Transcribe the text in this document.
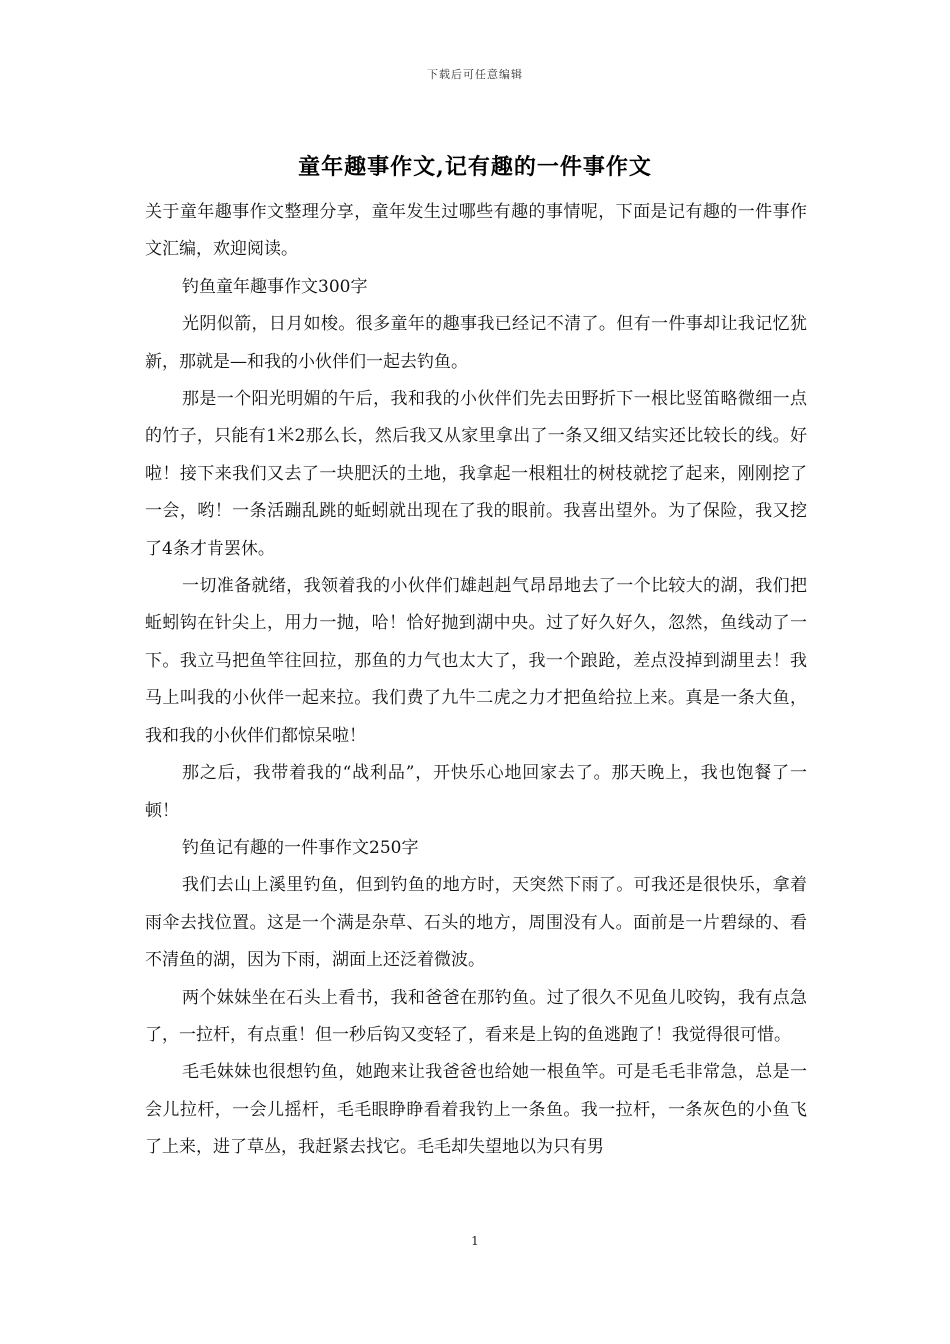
下载后可任意编辑
童年趣事作文,记有趣的一件事作文

关于童年趣事作文整理分享，童年发生过哪些有趣的事情呢，下面是记有趣的一件事作文汇编，欢迎阅读。

钓鱼童年趣事作文300字

光阴似箭，日月如梭。很多童年的趣事我已经记不清了。但有一件事却让我记忆犹新，那就是—和我的小伙伴们一起去钓鱼。

那是一个阳光明媚的午后，我和我的小伙伴们先去田野折下一根比竖笛略微细一点的竹子，只能有1米2那么长，然后我又从家里拿出了一条又细又结实还比较长的线。好啦！接下来我们又去了一块肥沃的土地，我拿起一根粗壮的树枝就挖了起来，刚刚挖了一会，哟！一条活蹦乱跳的蚯蚓就出现在了我的眼前。我喜出望外。为了保险，我又挖了4条才肯罢休。

一切准备就绪，我领着我的小伙伴们雄赳赳气昂昂地去了一个比较大的湖，我们把蚯蚓钩在针尖上，用力一抛，哈！恰好抛到湖中央。过了好久好久，忽然，鱼线动了一下。我立马把鱼竿往回拉，那鱼的力气也太大了，我一个踉跄，差点没掉到湖里去！我马上叫我的小伙伴一起来拉。我们费了九牛二虎之力才把鱼给拉上来。真是一条大鱼，我和我的小伙伴们都惊呆啦！

那之后，我带着我的“战利品”，开快乐心地回家去了。那天晚上，我也饱餐了一顿！

钓鱼记有趣的一件事作文250字

我们去山上溪里钓鱼，但到钓鱼的地方时，天突然下雨了。可我还是很快乐，拿着雨伞去找位置。这是一个满是杂草、石头的地方，周围没有人。面前是一片碧绿的、看不清鱼的湖，因为下雨，湖面上还泛着微波。

两个妹妹坐在石头上看书，我和爸爸在那钓鱼。过了很久不见鱼儿咬钩，我有点急了，一拉杆，有点重！但一秒后钩又变轻了，看来是上钩的鱼逃跑了！我觉得很可惜。

毛毛妹妹也很想钓鱼，她跑来让我爸爸也给她一根鱼竿。可是毛毛非常急，总是一会儿拉杆，一会儿摇杆，毛毛眼睁睁看着我钓上一条鱼。我一拉杆，一条灰色的小鱼飞了上来，进了草丛，我赶紧去找它。毛毛却失望地以为只有男

1
